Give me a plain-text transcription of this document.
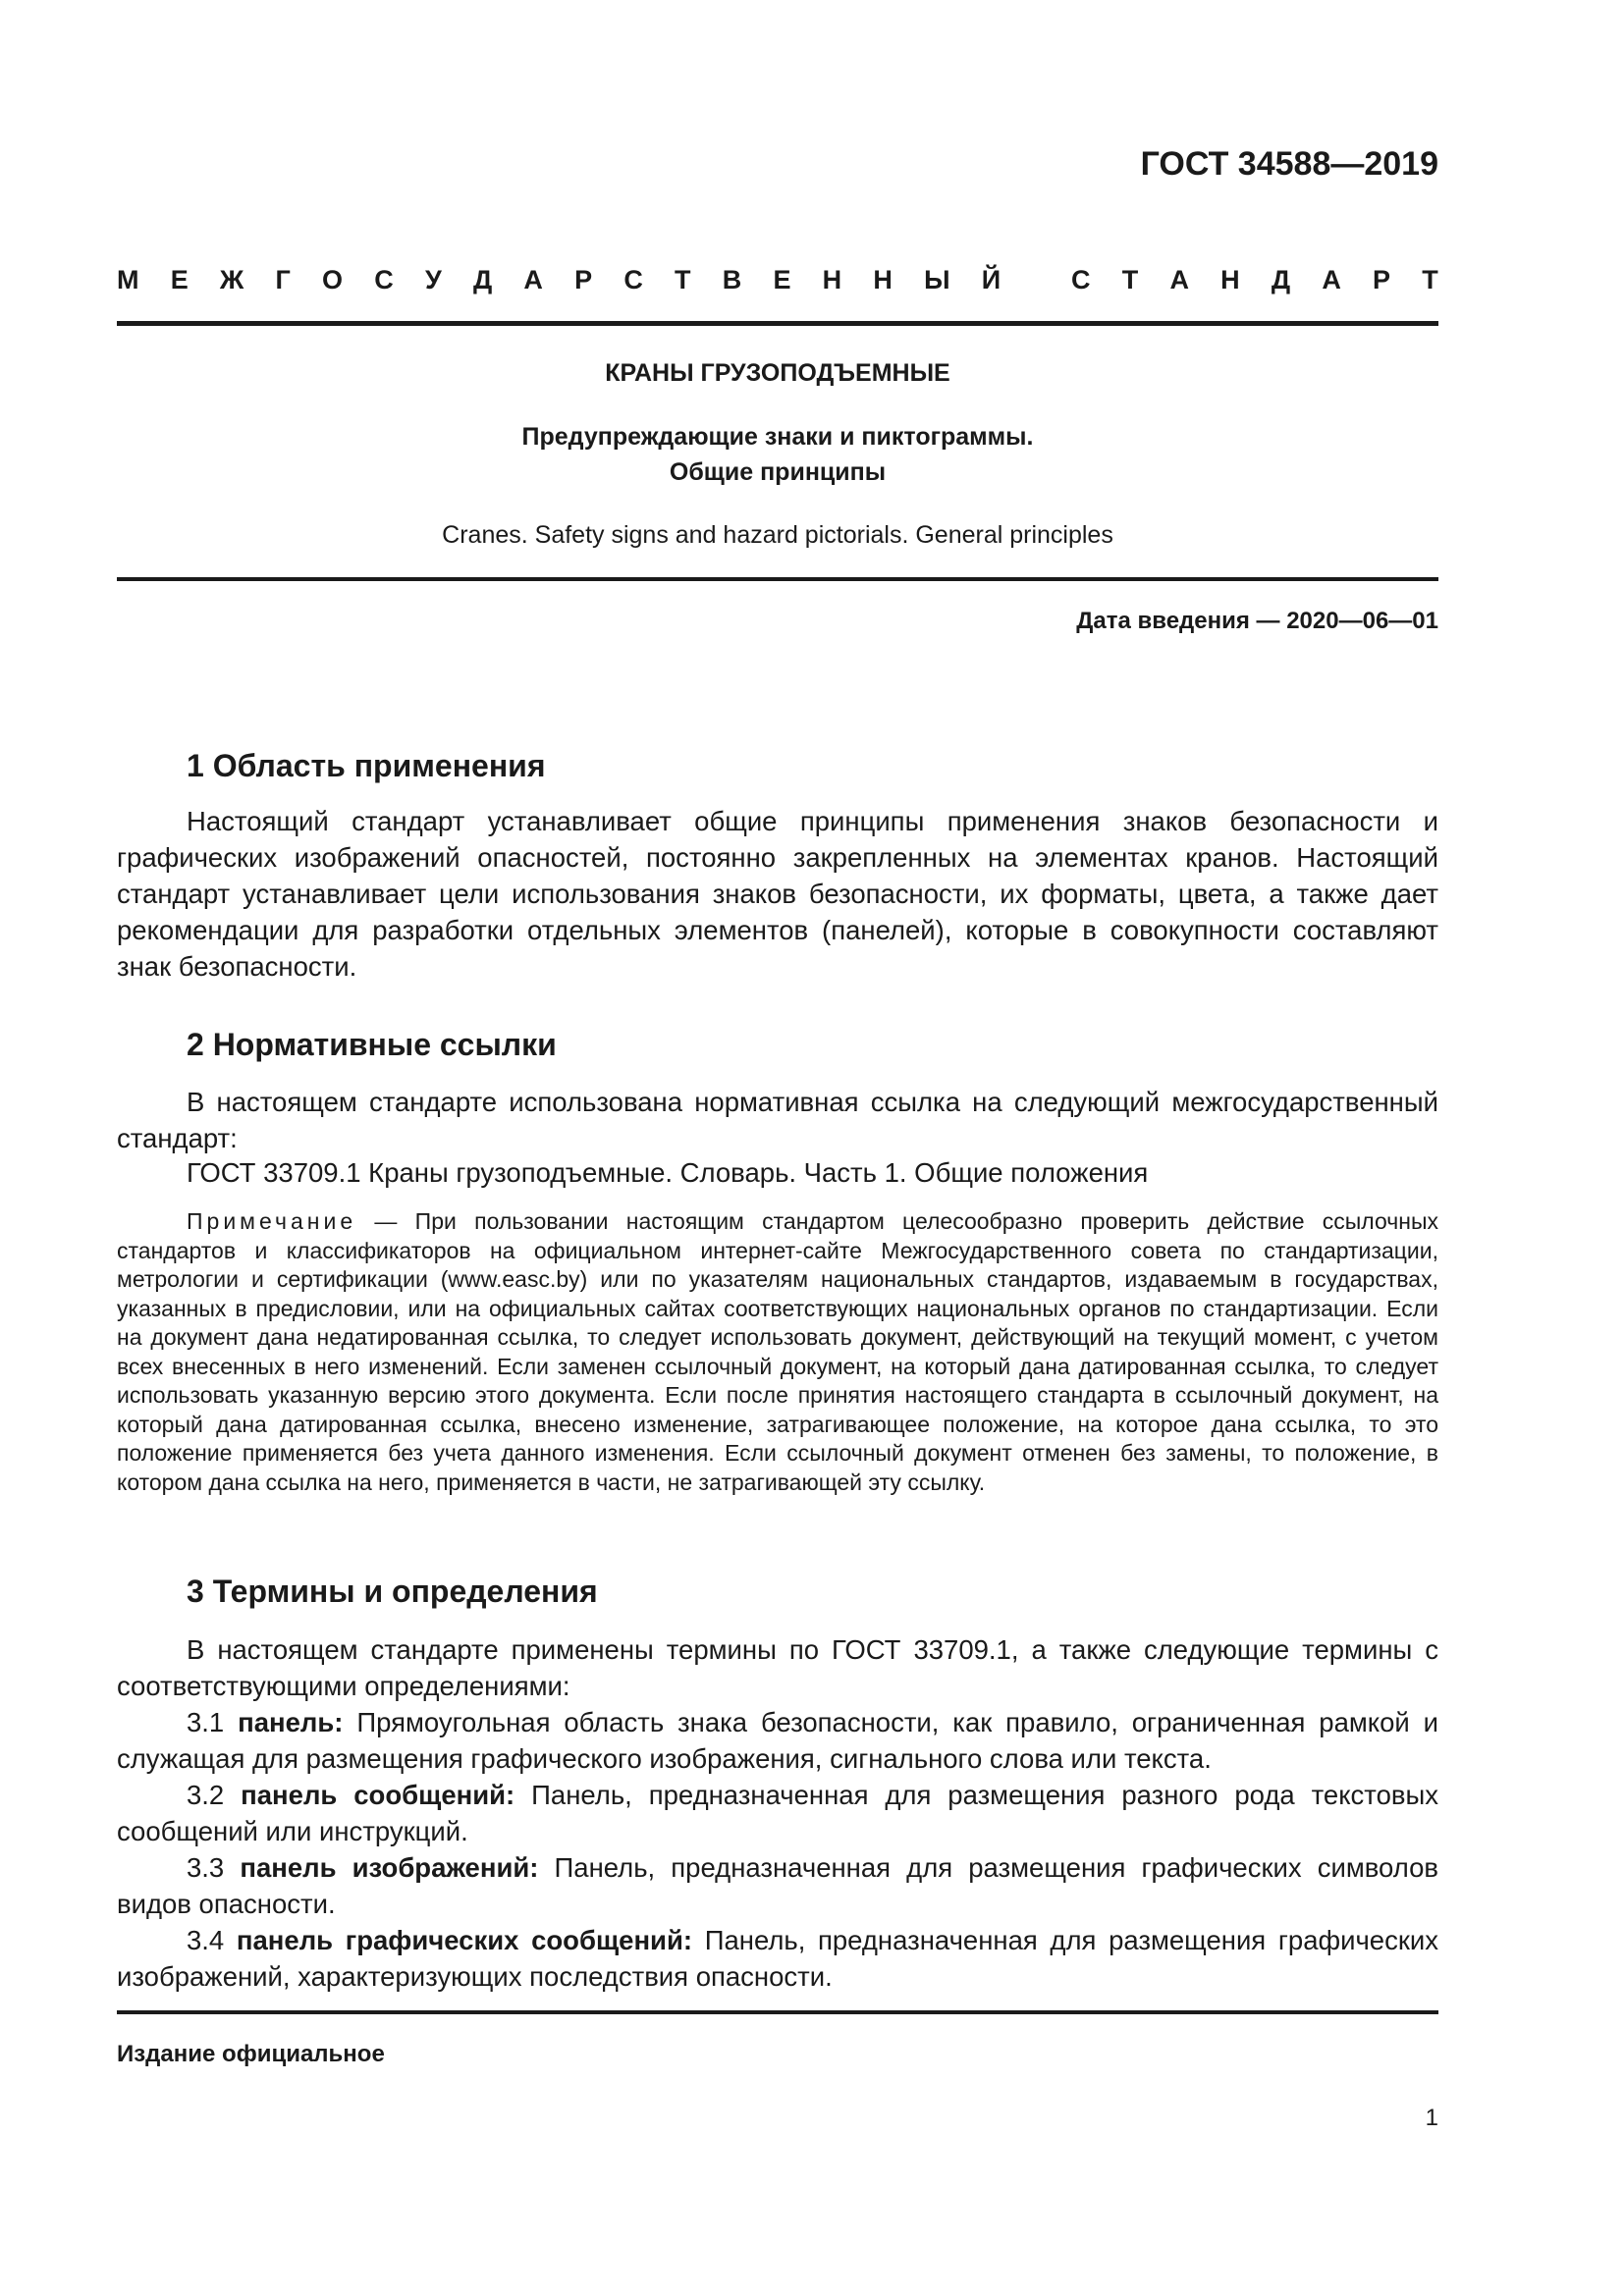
ГОСТ 34588—2019
М Е Ж Г О С У Д А Р С Т В Е Н Н Ы Й
	С Т А Н Д А Р Т
КРАНЫ ГРУЗОПОДЪЕМНЫЕ
Предупреждающие знаки и пиктограммы.
Общие принципы
Cranes. Safety signs and hazard pictorials. General principles
Дата введения — 2020—06—01
1 Область применения
Настоящий стандарт устанавливает общие принципы применения знаков безопасности и графических изображений опасностей, постоянно закрепленных на элементах кранов. Настоящий стандарт устанавливает цели использования знаков безопасности, их форматы, цвета, а также дает рекомендации для разработки отдельных элементов (панелей), которые в совокупности составляют знак безопасности.
2 Нормативные ссылки
В настоящем стандарте использована нормативная ссылка на следующий межгосударственный стандарт:
ГОСТ 33709.1 Краны грузоподъемные. Словарь. Часть 1. Общие положения
Примечание — При пользовании настоящим стандартом целесообразно проверить действие ссылочных стандартов и классификаторов на официальном интернет-сайте Межгосударственного совета по стандартизации, метрологии и сертификации (www.easc.by) или по указателям национальных стандартов, издаваемым в государствах, указанных в предисловии, или на официальных сайтах соответствующих национальных органов по стандартизации. Если на документ дана недатированная ссылка, то следует использовать документ, действующий на текущий момент, с учетом всех внесенных в него изменений. Если заменен ссылочный документ, на который дана датированная ссылка, то следует использовать указанную версию этого документа. Если после принятия настоящего стандарта в ссылочный документ, на который дана датированная ссылка, внесено изменение, затрагивающее положение, на которое дана ссылка, то это положение применяется без учета данного изменения. Если ссылочный документ отменен без замены, то положение, в котором дана ссылка на него, применяется в части, не затрагивающей эту ссылку.
3 Термины и определения
В настоящем стандарте применены термины по ГОСТ 33709.1, а также следующие термины с соответствующими определениями:
3.1 панель: Прямоугольная область знака безопасности, как правило, ограниченная рамкой и служащая для размещения графического изображения, сигнального слова или текста.
3.2 панель сообщений: Панель, предназначенная для размещения разного рода текстовых сообщений или инструкций.
3.3 панель изображений: Панель, предназначенная для размещения графических символов видов опасности.
3.4 панель графических сообщений: Панель, предназначенная для размещения графических изображений, характеризующих последствия опасности.
Издание официальное
1
